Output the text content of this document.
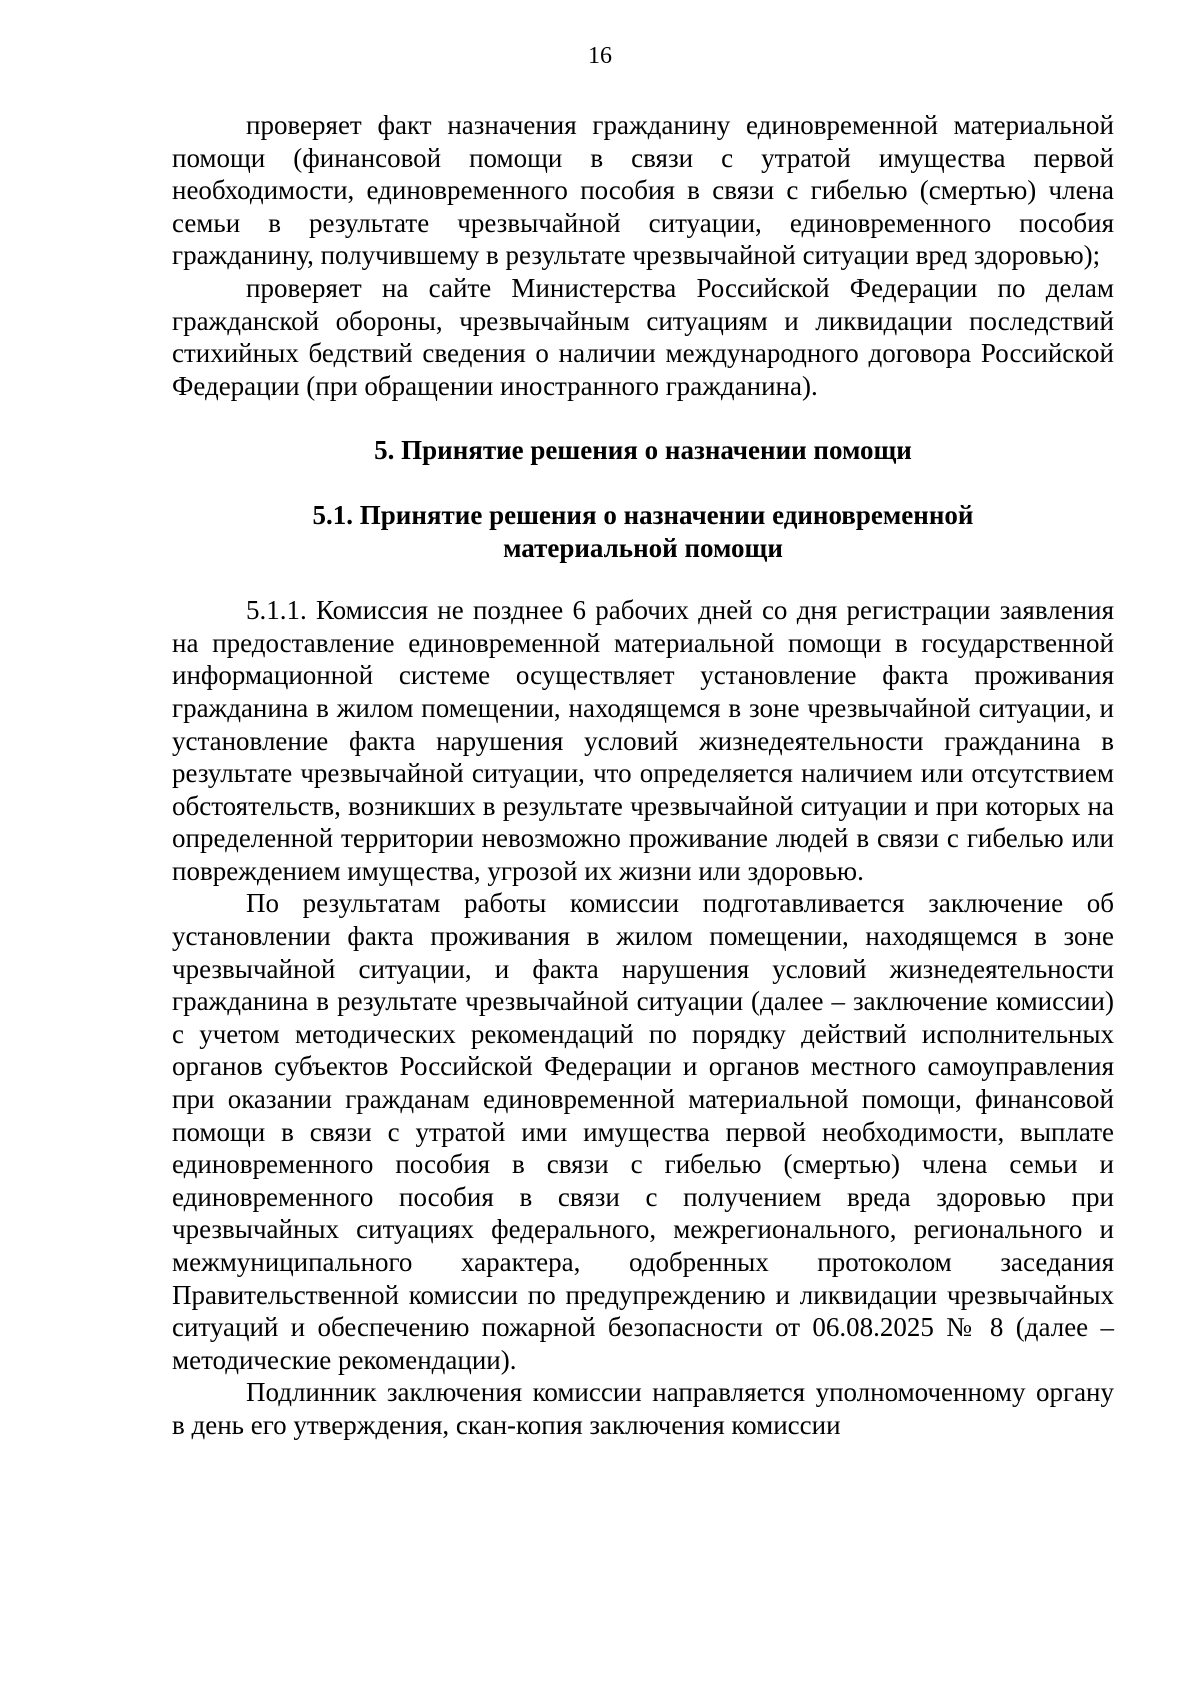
16

проверяет факт назначения гражданину единовременной материальной помощи (финансовой помощи в связи с утратой имущества первой необходимости, единовременного пособия в связи с гибелью (смертью) члена семьи в результате чрезвычайной ситуации, единовременного пособия гражданину, получившему в результате чрезвычайной ситуации вред здоровью);

проверяет на сайте Министерства Российской Федерации по делам гражданской обороны, чрезвычайным ситуациям и ликвидации последствий стихийных бедствий сведения о наличии международного договора Российской Федерации (при обращении иностранного гражданина).

5. Принятие решения о назначении помощи

5.1. Принятие решения о назначении единовременной материальной помощи

5.1.1. Комиссия не позднее 6 рабочих дней со дня регистрации заявления на предоставление единовременной материальной помощи в государственной информационной системе осуществляет установление факта проживания гражданина в жилом помещении, находящемся в зоне чрезвычайной ситуации, и установление факта нарушения условий жизнедеятельности гражданина в результате чрезвычайной ситуации, что определяется наличием или отсутствием обстоятельств, возникших в результате чрезвычайной ситуации и при которых на определенной территории невозможно проживание людей в связи с гибелью или повреждением имущества, угрозой их жизни или здоровью.

По результатам работы комиссии подготавливается заключение об установлении факта проживания в жилом помещении, находящемся в зоне чрезвычайной ситуации, и факта нарушения условий жизнедеятельности гражданина в результате чрезвычайной ситуации (далее – заключение комиссии) с учетом методических рекомендаций по порядку действий исполнительных органов субъектов Российской Федерации и органов местного самоуправления при оказании гражданам единовременной материальной помощи, финансовой помощи в связи с утратой ими имущества первой необходимости, выплате единовременного пособия в связи с гибелью (смертью) члена семьи и единовременного пособия в связи с получением вреда здоровью при чрезвычайных ситуациях федерального, межрегионального, регионального и межмуниципального характера, одобренных протоколом заседания Правительственной комиссии по предупреждению и ликвидации чрезвычайных ситуаций и обеспечению пожарной безопасности от 06.08.2025 № 8 (далее – методические рекомендации).

Подлинник заключения комиссии направляется уполномоченному органу в день его утверждения, скан-копия заключения комиссии
